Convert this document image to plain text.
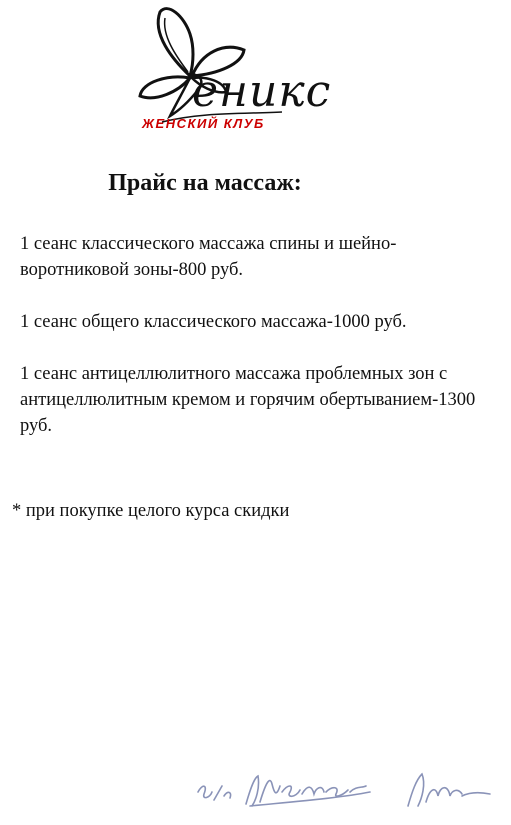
еникс
ЖЕНСКИЙ КЛУБ
Прайс на массаж:
1 сеанс классического массажа спины и шейно-воротниковой зоны-800 руб.
1 сеанс общего классического массажа-1000 руб.
1 сеанс антицеллюлитного массажа проблемных зон с антицеллюлитным кремом и горячим обертыванием-1300 руб.

* при покупке целого курса скидки
